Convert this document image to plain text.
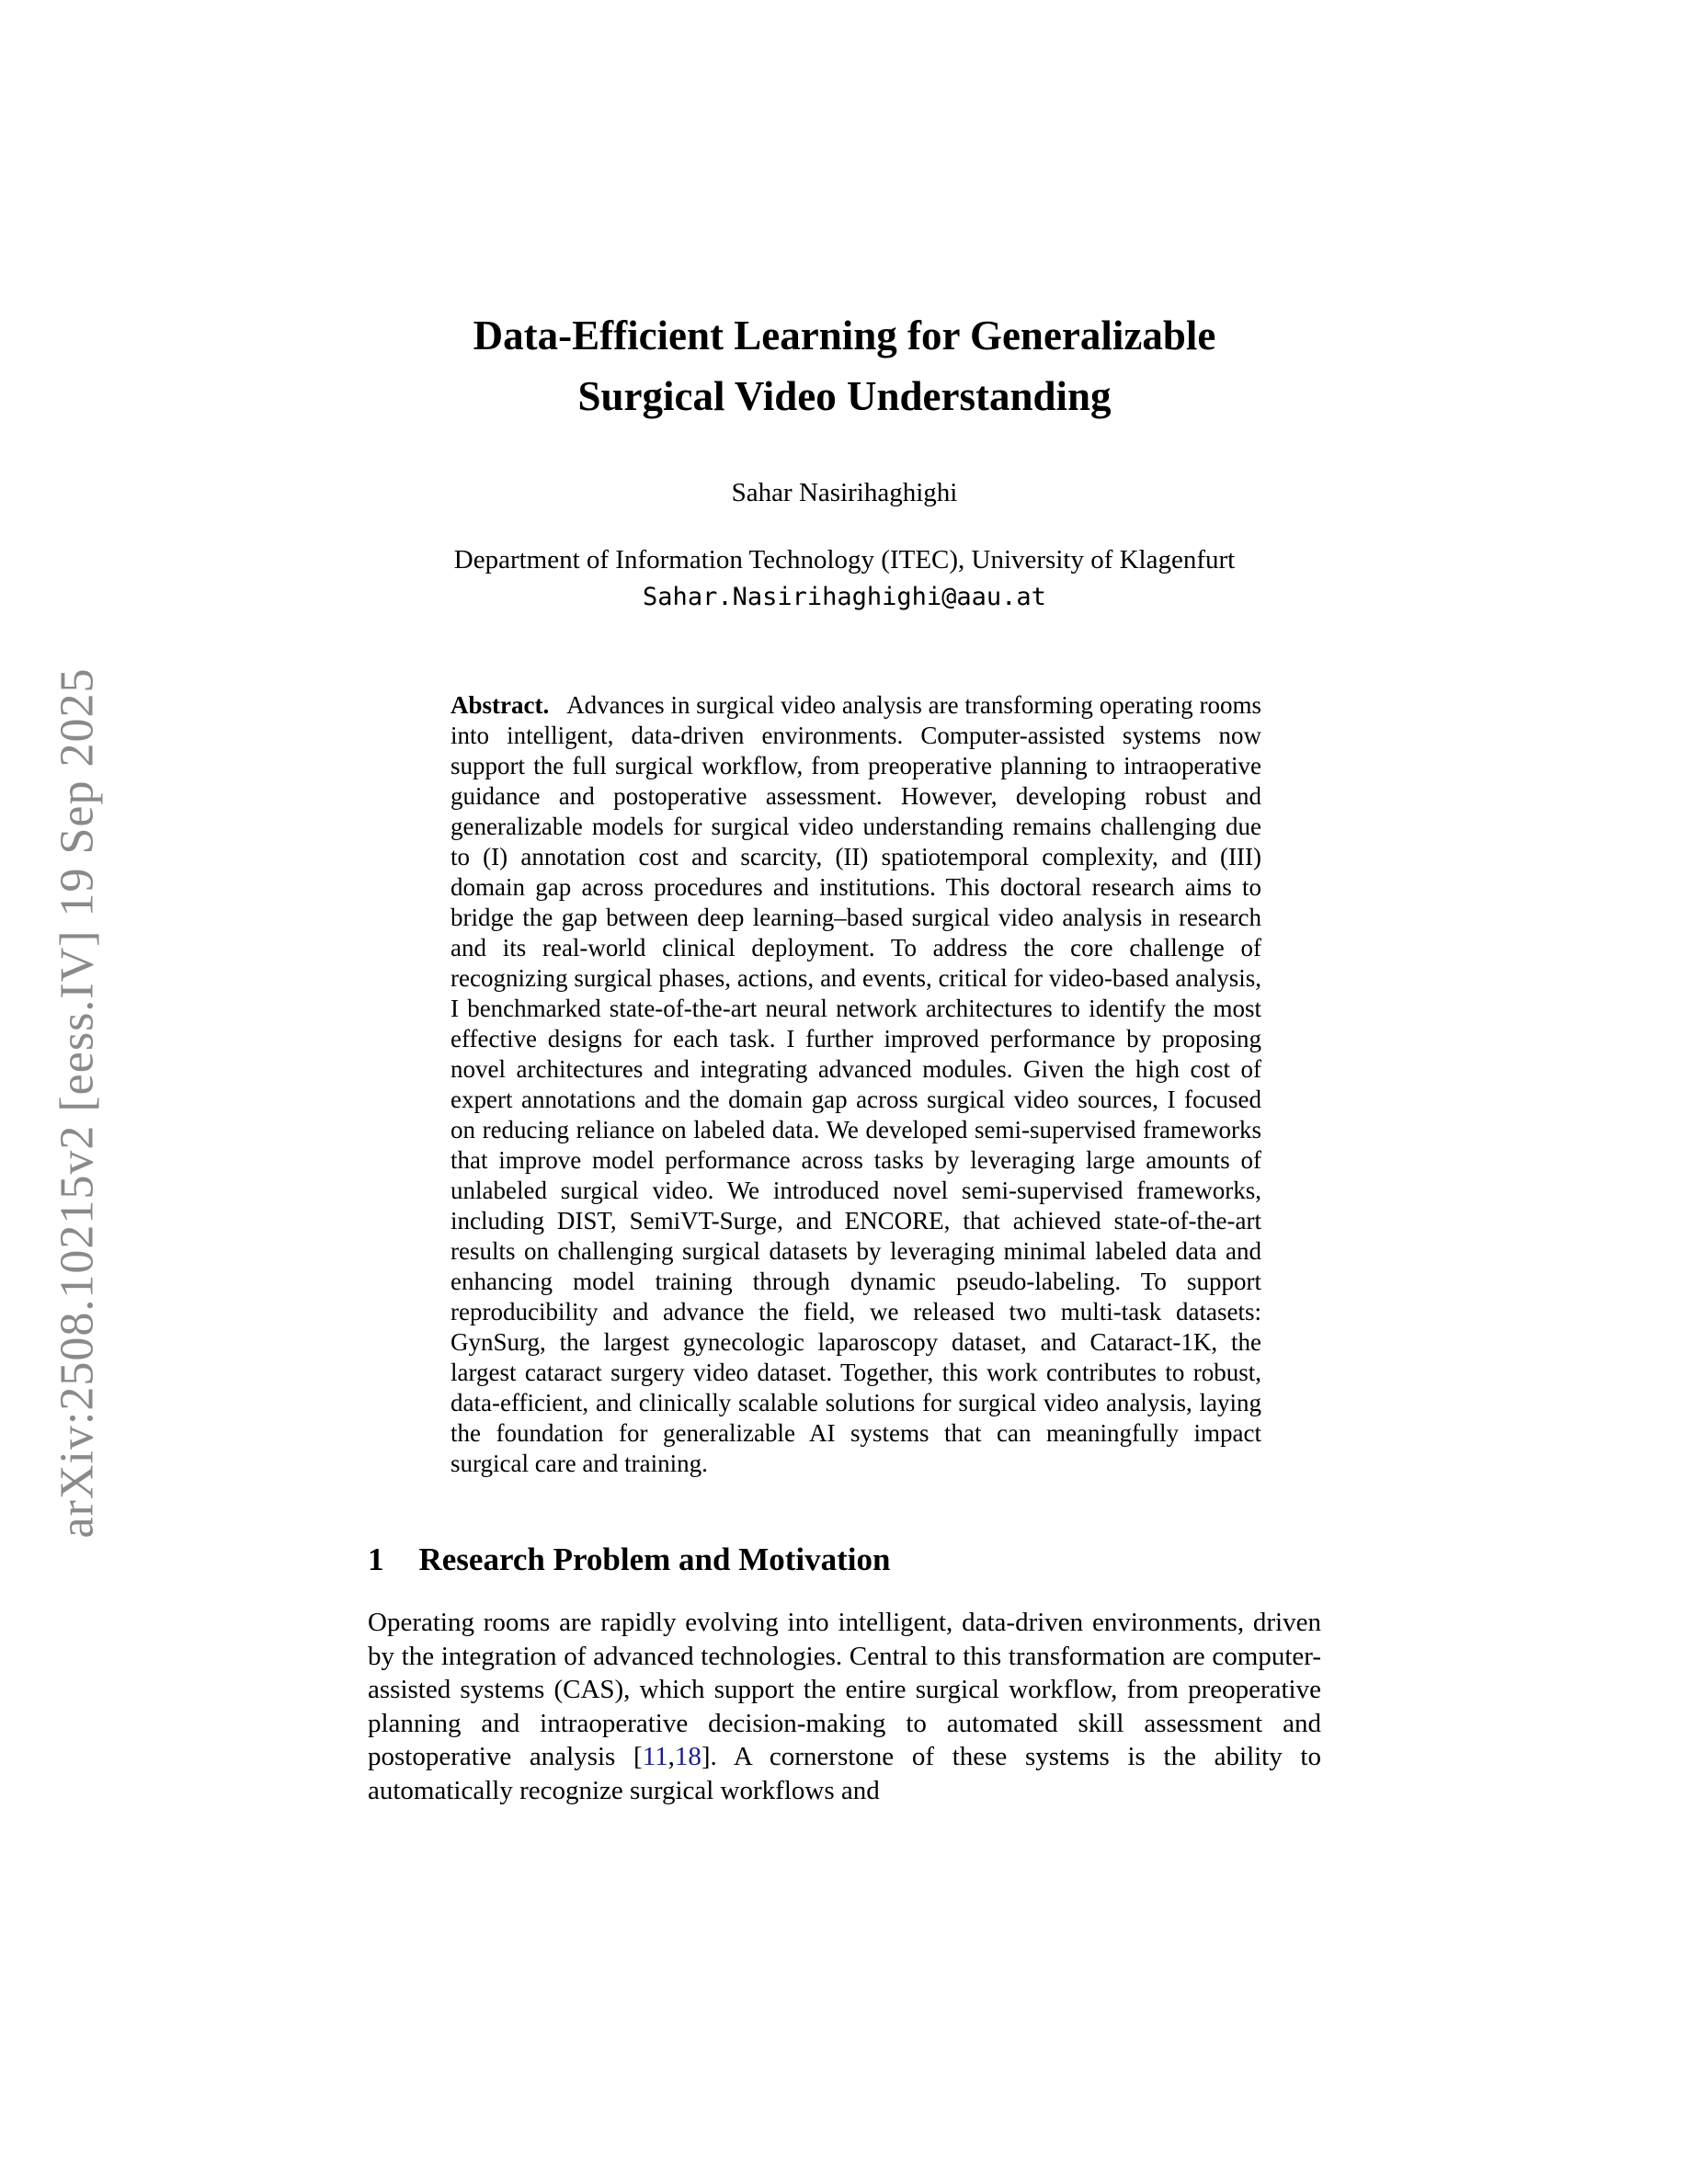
arXiv:2508.10215v2 [eess.IV] 19 Sep 2025
Data-Efficient Learning for Generalizable
Surgical Video Understanding
Sahar Nasirihaghighi
Department of Information Technology (ITEC), University of Klagenfurt
Sahar.Nasirihaghighi@aau.at
Abstract. Advances in surgical video analysis are transforming operating rooms into intelligent, data-driven environments. Computer-assisted systems now support the full surgical workflow, from preoperative planning to intraoperative guidance and postoperative assessment. However, developing robust and generalizable models for surgical video understanding remains challenging due to (I) annotation cost and scarcity, (II) spatiotemporal complexity, and (III) domain gap across procedures and institutions. This doctoral research aims to bridge the gap between deep learning–based surgical video analysis in research and its real-world clinical deployment. To address the core challenge of recognizing surgical phases, actions, and events, critical for video-based analysis, I benchmarked state-of-the-art neural network architectures to identify the most effective designs for each task. I further improved performance by proposing novel architectures and integrating advanced modules. Given the high cost of expert annotations and the domain gap across surgical video sources, I focused on reducing reliance on labeled data. We developed semi-supervised frameworks that improve model performance across tasks by leveraging large amounts of unlabeled surgical video. We introduced novel semi-supervised frameworks, including DIST, SemiVT-Surge, and ENCORE, that achieved state-of-the-art results on challenging surgical datasets by leveraging minimal labeled data and enhancing model training through dynamic pseudo-labeling. To support reproducibility and advance the field, we released two multi-task datasets: GynSurg, the largest gynecologic laparoscopy dataset, and Cataract-1K, the largest cataract surgery video dataset. Together, this work contributes to robust, data-efficient, and clinically scalable solutions for surgical video analysis, laying the foundation for generalizable AI systems that can meaningfully impact surgical care and training.
1 Research Problem and Motivation
Operating rooms are rapidly evolving into intelligent, data-driven environments, driven by the integration of advanced technologies. Central to this transformation are computer-assisted systems (CAS), which support the entire surgical workflow, from preoperative planning and intraoperative decision-making to automated skill assessment and postoperative analysis [11,18]. A cornerstone of these systems is the ability to automatically recognize surgical workflows and
